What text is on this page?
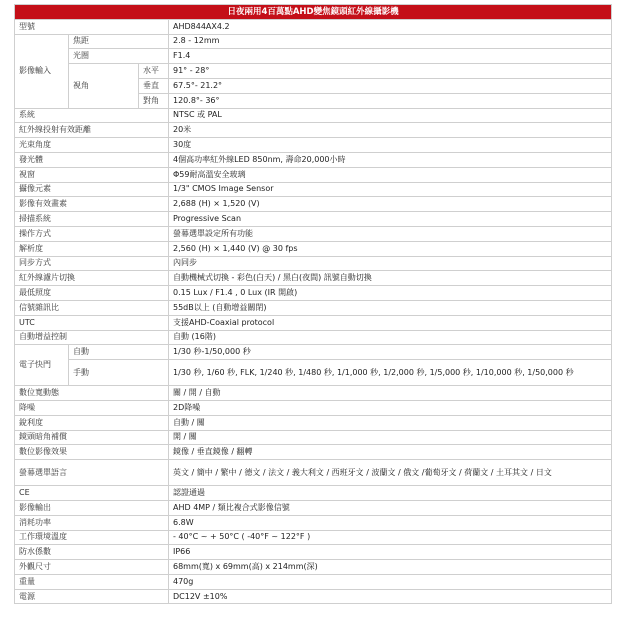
日夜兩用4百萬點AHD變焦鏡頭紅外線攝影機			
型號			AHD844AX4.2
影像輸入	焦距		2.8 - 12mm
	光圈		F1.4
	視角	水平	91° - 28°
		垂直	67.5°- 21.2°
		對角	120.8°- 36°
系統			NTSC 或 PAL
紅外線投射有效距離			20米
光束角度			30度
發光體			4個高功率紅外線LED 850nm, 壽命20,000小時
視窗			Φ59耐高溫安全玻璃
攝像元素			1/3" CMOS Image Sensor
影像有效畫素			2,688 (H) × 1,520 (V)
掃描系統			Progressive Scan
操作方式			螢幕選單設定所有功能
解析度			2,560 (H) × 1,440 (V) @ 30 fps
同步方式			內同步
紅外線濾片切換			自動機械式切換 - 彩色(白天) / 黑白(夜間) 訊號自動切換
最低照度			0.15 Lux / F1.4 , 0 Lux (IR 開啟)
信號雜訊比			55dB以上 (自動增益關閉)
UTC			支援AHD-Coaxial protocol
自動增益控制			自動 (16階)
電子快門	自動		1/30 秒-1/50,000 秒
	手動		1/30 秒, 1/60 秒, FLK, 1/240 秒, 1/480 秒, 1/1,000 秒, 1/2,000 秒, 1/5,000 秒, 1/10,000 秒, 1/50,000 秒
數位寬動態			關 / 開 / 自動
降噪			2D降噪
銳利度			自動 / 關
鏡頭暗角補償			開 / 關
數位影像效果			鏡像 / 垂直鏡像 / 翻轉
螢幕選單語言			英文 / 簡中 / 繁中 / 德文 / 法文 / 義大利文 / 西班牙文 / 波蘭文 / 俄文 /葡萄牙文 / 荷蘭文 / 土耳其文 / 日文
CE			認證通過
影像輸出			AHD 4MP / 類比複合式影像信號
消耗功率			6.8W
工作環境溫度			- 40°C ~ + 50°C ( -40°F ~ 122°F )
防水係數			IP66
外觀尺寸			68mm(寬) x 69mm(高) x 214mm(深)
重量			470g
電源			DC12V ±10%
